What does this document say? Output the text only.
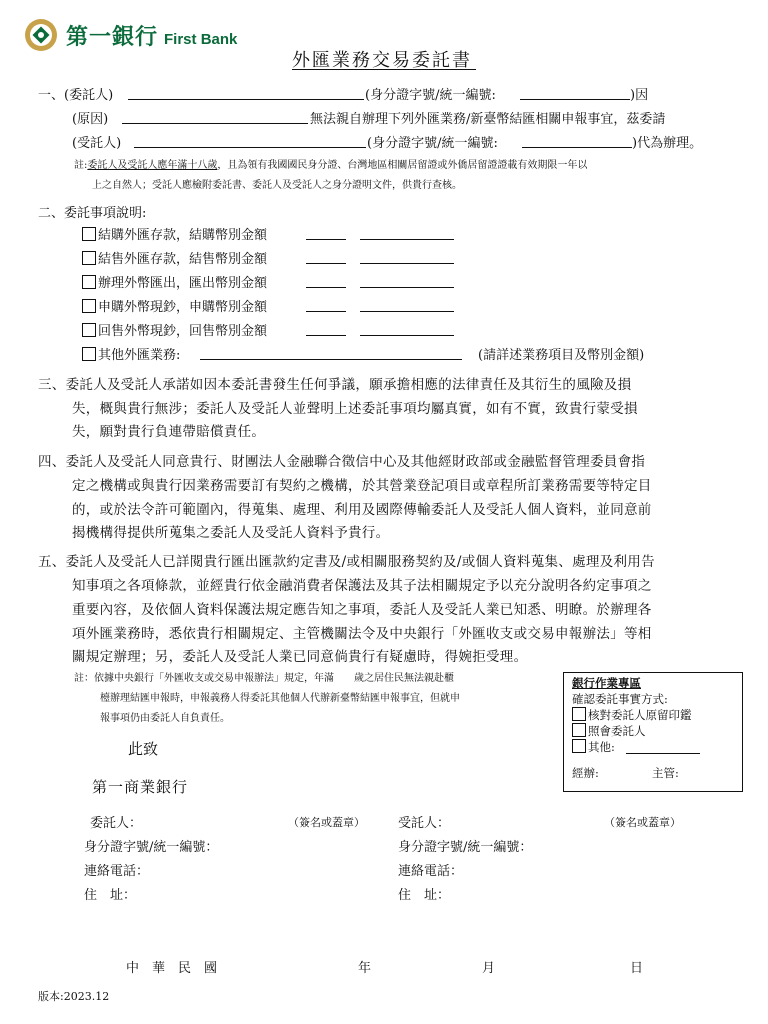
第一銀行 First Bank
外匯業務交易委託書
一、(委託人)	(身分證字號/統一編號:	)因
(原因)	無法親自辦理下列外匯業務/新臺幣結匯相關申報事宜，茲委請
(受託人)	(身分證字號/統一編號:	)代為辦理。
註:委託人及受託人應年滿十八歲，且為領有我國國民身分證、台灣地區相關居留證或外僑居留證證載有效期限一年以
上之自然人；受託人應檢附委託書、委託人及受託人之身分證明文件，供貴行查核。
二、委託事項說明:
結購外匯存款，結購幣別金額
結售外匯存款，結售幣別金額
辦理外幣匯出，匯出幣別金額
申購外幣現鈔，申購幣別金額
回售外幣現鈔，回售幣別金額
其他外匯業務:	(請詳述業務項目及幣別金額)
三、委託人及受託人承諾如因本委託書發生任何爭議，願承擔相應的法律責任及其衍生的風險及損
失，概與貴行無涉；委託人及受託人並聲明上述委託事項均屬真實，如有不實，致貴行蒙受損
失，願對貴行負連帶賠償責任。
四、委託人及受託人同意貴行、財團法人金融聯合徵信中心及其他經財政部或金融監督管理委員會指
定之機構或與貴行因業務需要訂有契約之機構，於其營業登記項目或章程所訂業務需要等特定目
的，或於法令許可範圍內，得蒐集、處理、利用及國際傳輸委託人及受託人個人資料，並同意前
揭機構得提供所蒐集之委託人及受託人資料予貴行。
五、委託人及受託人已詳閱貴行匯出匯款約定書及/或相關服務契約及/或個人資料蒐集、處理及利用告
知事項之各項條款，並經貴行依金融消費者保護法及其子法相關規定予以充分說明各約定事項之
重要內容，及依個人資料保護法規定應告知之事項，委託人及受託人業已知悉、明瞭。於辦理各
項外匯業務時，悉依貴行相關規定、主管機關法令及中央銀行「外匯收支或交易申報辦法」等相
關規定辦理；另，委託人及受託人業已同意倘貴行有疑慮時，得婉拒受理。
註：依據中央銀行「外匯收支或交易申報辦法」規定，年滿　　歲之居住民無法親赴櫃
檯辦理結匯申報時，申報義務人得委託其他個人代辦新臺幣結匯申報事宜，但就申
報事項仍由委託人自負責任。
銀行作業專區
確認委託事實方式:
核對委託人原留印鑑
照會委託人
其他:
經辦:	主管:
此致
第一商業銀行
委託人：	（簽名或蓋章）	受託人：	（簽名或蓋章）
身分證字號/統一編號：	身分證字號/統一編號：
連絡電話：	連絡電話：
住　址：	住　址：
中　華　民　國	年	月	日
版本:2023.12
